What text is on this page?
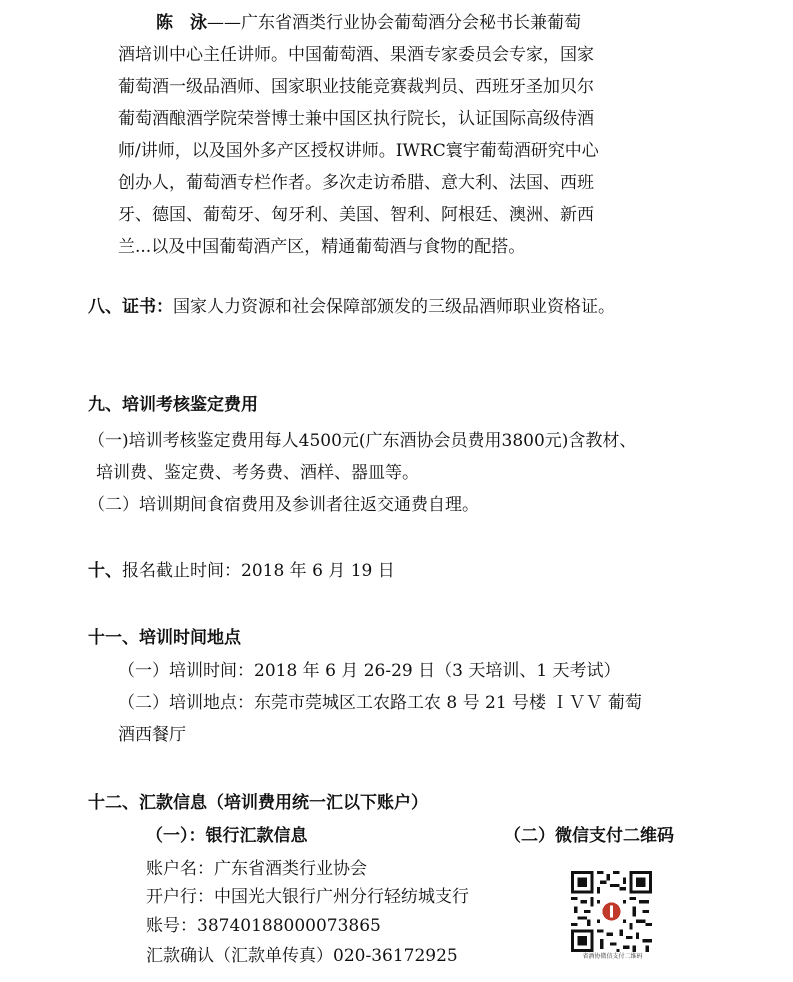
陈　泳——广东省酒类行业协会葡萄酒分会秘书长兼葡萄
酒培训中心主任讲师。中国葡萄酒、果酒专家委员会专家，国家
葡萄酒一级品酒师、国家职业技能竞赛裁判员、西班牙圣加贝尔
葡萄酒酿酒学院荣誉博士兼中国区执行院长，认证国际高级侍酒
师/讲师，以及国外多产区授权讲师。IWRC寰宇葡萄酒研究中心
创办人，葡萄酒专栏作者。多次走访希腊、意大利、法国、西班
牙、德国、葡萄牙、匈牙利、美国、智利、阿根廷、澳洲、新西
兰...以及中国葡萄酒产区，精通葡萄酒与食物的配搭。
八、证书：国家人力资源和社会保障部颁发的三级品酒师职业资格证。
九、培训考核鉴定费用
（一)培训考核鉴定费用每人4500元(广东酒协会员费用3800元)含教材、
培训费、鉴定费、考务费、酒样、器皿等。
（二）培训期间食宿费用及参训者往返交通费自理。
十、报名截止时间：2018 年 6 月 19 日
十一、培训时间地点
（一）培训时间：2018 年 6 月 26-29 日（3 天培训、1 天考试）
（二）培训地点：东莞市莞城区工农路工农 8 号 21 号楼 ＩＶＶ 葡萄
酒西餐厅
十二、汇款信息（培训费用统一汇以下账户）
（一）：银行汇款信息	（二）微信支付二维码
账户名：广东省酒类行业协会
开户行：中国光大银行广州分行轻纺城支行
账号：38740188000073865
汇款确认（汇款单传真）020-36172925	省酒协微信支付二维码
